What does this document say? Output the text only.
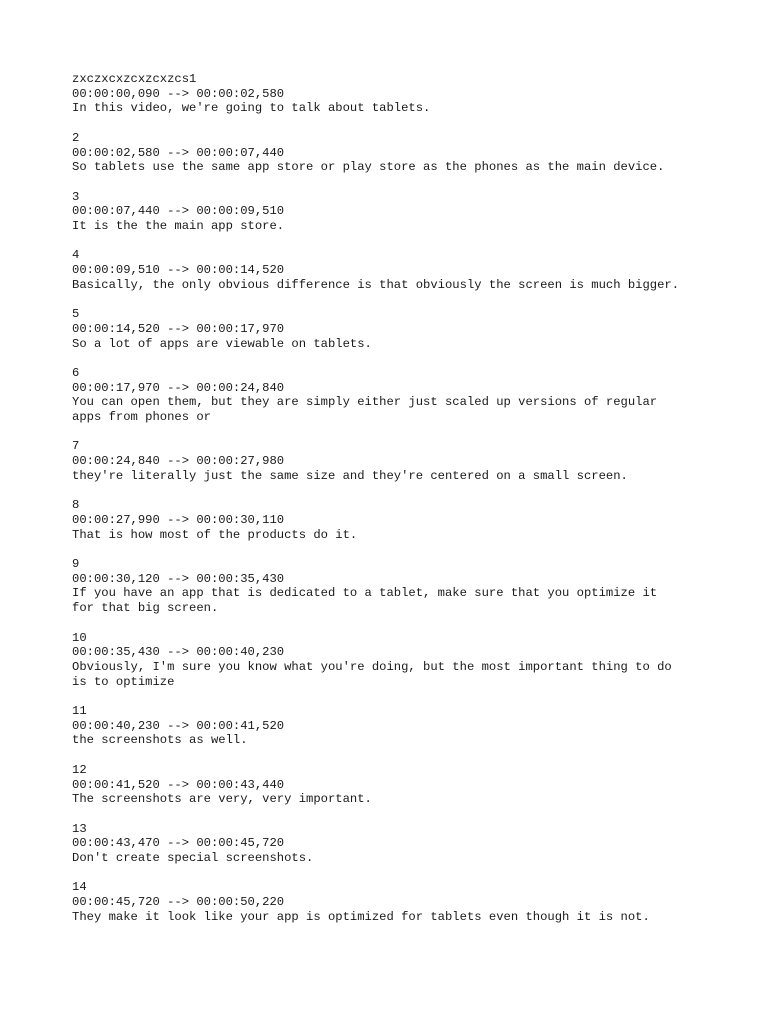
zxczxcxzcxzcxzcs1
00:00:00,090 --> 00:00:02,580
In this video, we're going to talk about tablets.
2
00:00:02,580 --> 00:00:07,440
So tablets use the same app store or play store as the phones as the main device.
3
00:00:07,440 --> 00:00:09,510
It is the the main app store.
4
00:00:09,510 --> 00:00:14,520
Basically, the only obvious difference is that obviously the screen is much bigger.
5
00:00:14,520 --> 00:00:17,970
So a lot of apps are viewable on tablets.
6
00:00:17,970 --> 00:00:24,840
You can open them, but they are simply either just scaled up versions of regular
apps from phones or
7
00:00:24,840 --> 00:00:27,980
they're literally just the same size and they're centered on a small screen.
8
00:00:27,990 --> 00:00:30,110
That is how most of the products do it.
9
00:00:30,120 --> 00:00:35,430
If you have an app that is dedicated to a tablet, make sure that you optimize it
for that big screen.
10
00:00:35,430 --> 00:00:40,230
Obviously, I'm sure you know what you're doing, but the most important thing to do
is to optimize
11
00:00:40,230 --> 00:00:41,520
the screenshots as well.
12
00:00:41,520 --> 00:00:43,440
The screenshots are very, very important.
13
00:00:43,470 --> 00:00:45,720
Don't create special screenshots.
14
00:00:45,720 --> 00:00:50,220
They make it look like your app is optimized for tablets even though it is not.
